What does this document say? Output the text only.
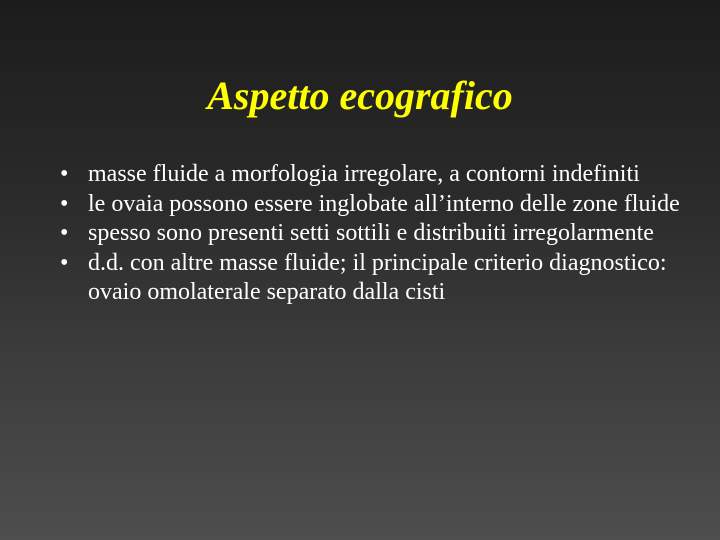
Aspetto ecografico
• masse fluide a morfologia irregolare, a contorni indefiniti
• le ovaia possono essere inglobate all’interno delle zone fluide
• spesso sono presenti setti sottili e distribuiti irregolarmente
• d.d. con altre masse fluide; il principale criterio diagnostico: ovaio omolaterale separato dalla cisti
